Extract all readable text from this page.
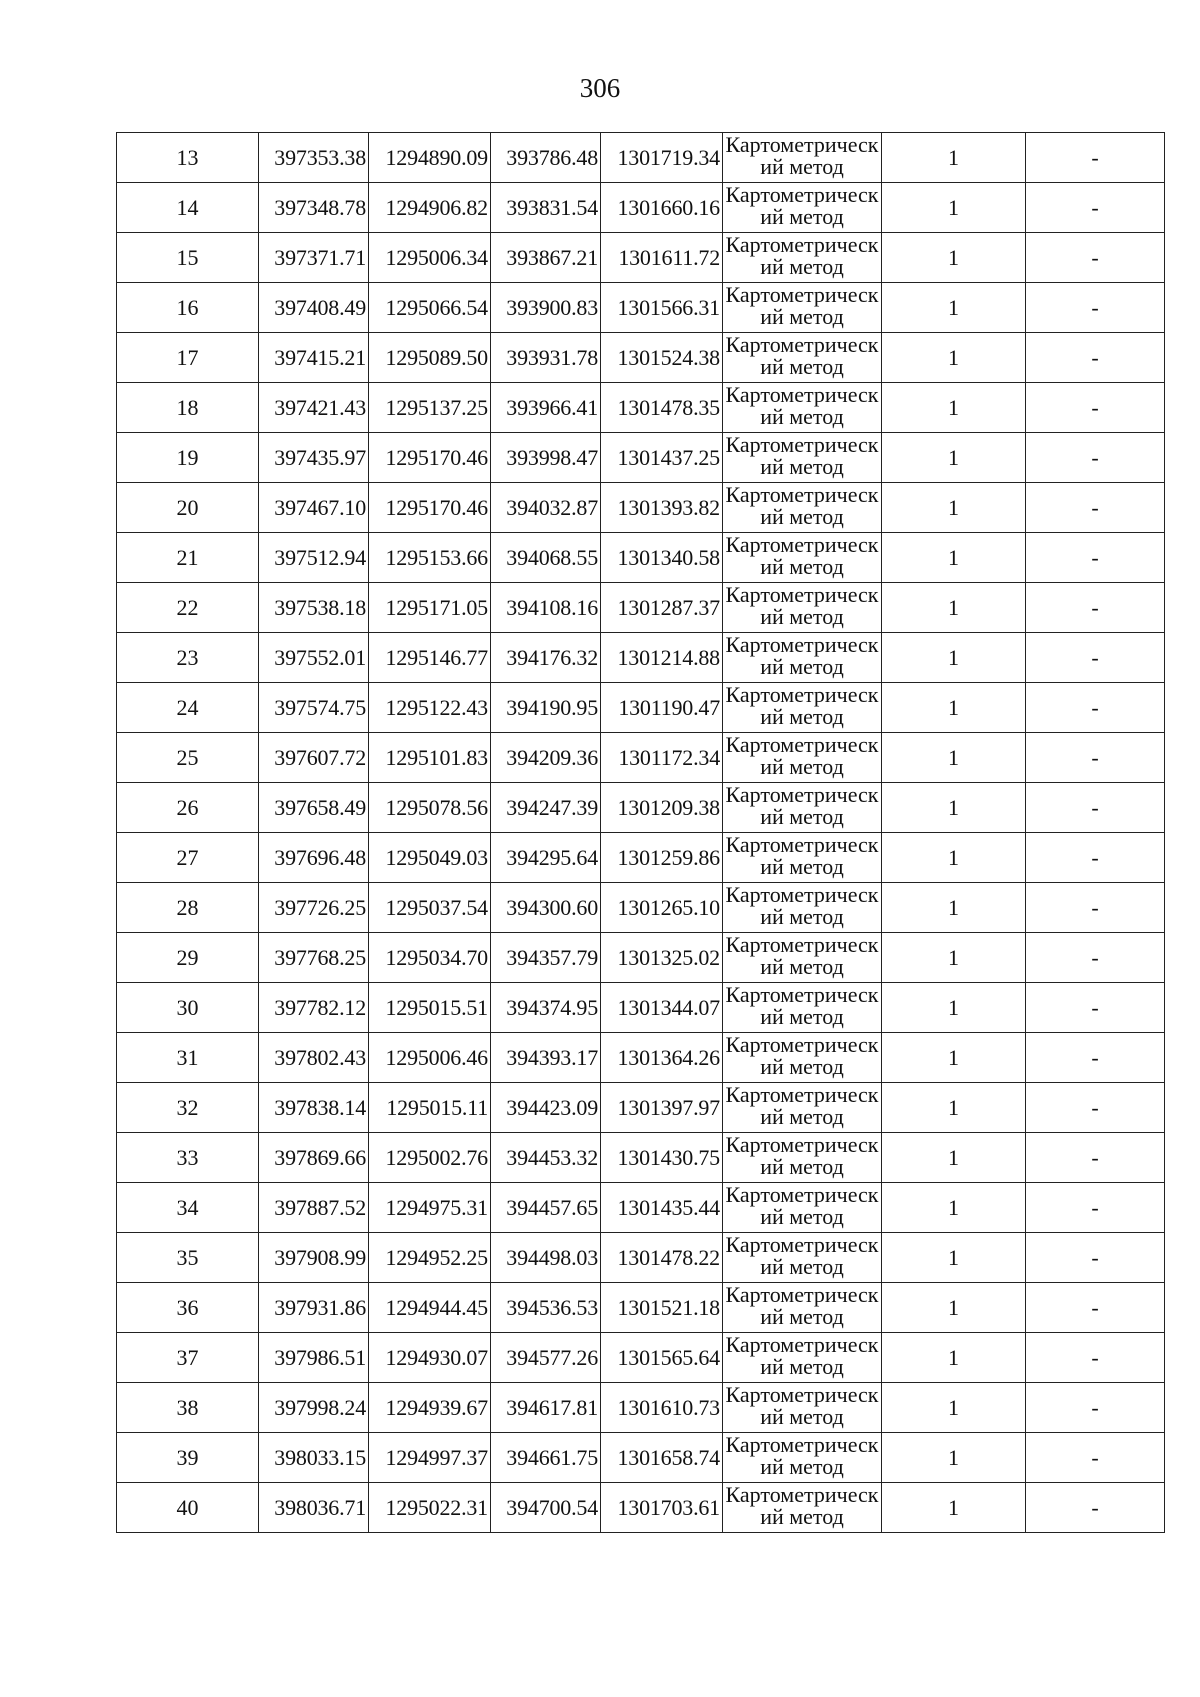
306
13	397353.38	1294890.09	393786.48	1301719.34	Картометрический метод	1	-
14	397348.78	1294906.82	393831.54	1301660.16	Картометрический метод	1	-
15	397371.71	1295006.34	393867.21	1301611.72	Картометрический метод	1	-
16	397408.49	1295066.54	393900.83	1301566.31	Картометрический метод	1	-
17	397415.21	1295089.50	393931.78	1301524.38	Картометрический метод	1	-
18	397421.43	1295137.25	393966.41	1301478.35	Картометрический метод	1	-
19	397435.97	1295170.46	393998.47	1301437.25	Картометрический метод	1	-
20	397467.10	1295170.46	394032.87	1301393.82	Картометрический метод	1	-
21	397512.94	1295153.66	394068.55	1301340.58	Картометрический метод	1	-
22	397538.18	1295171.05	394108.16	1301287.37	Картометрический метод	1	-
23	397552.01	1295146.77	394176.32	1301214.88	Картометрический метод	1	-
24	397574.75	1295122.43	394190.95	1301190.47	Картометрический метод	1	-
25	397607.72	1295101.83	394209.36	1301172.34	Картометрический метод	1	-
26	397658.49	1295078.56	394247.39	1301209.38	Картометрический метод	1	-
27	397696.48	1295049.03	394295.64	1301259.86	Картометрический метод	1	-
28	397726.25	1295037.54	394300.60	1301265.10	Картометрический метод	1	-
29	397768.25	1295034.70	394357.79	1301325.02	Картометрический метод	1	-
30	397782.12	1295015.51	394374.95	1301344.07	Картометрический метод	1	-
31	397802.43	1295006.46	394393.17	1301364.26	Картометрический метод	1	-
32	397838.14	1295015.11	394423.09	1301397.97	Картометрический метод	1	-
33	397869.66	1295002.76	394453.32	1301430.75	Картометрический метод	1	-
34	397887.52	1294975.31	394457.65	1301435.44	Картометрический метод	1	-
35	397908.99	1294952.25	394498.03	1301478.22	Картометрический метод	1	-
36	397931.86	1294944.45	394536.53	1301521.18	Картометрический метод	1	-
37	397986.51	1294930.07	394577.26	1301565.64	Картометрический метод	1	-
38	397998.24	1294939.67	394617.81	1301610.73	Картометрический метод	1	-
39	398033.15	1294997.37	394661.75	1301658.74	Картометрический метод	1	-
40	398036.71	1295022.31	394700.54	1301703.61	Картометрический метод	1	-
